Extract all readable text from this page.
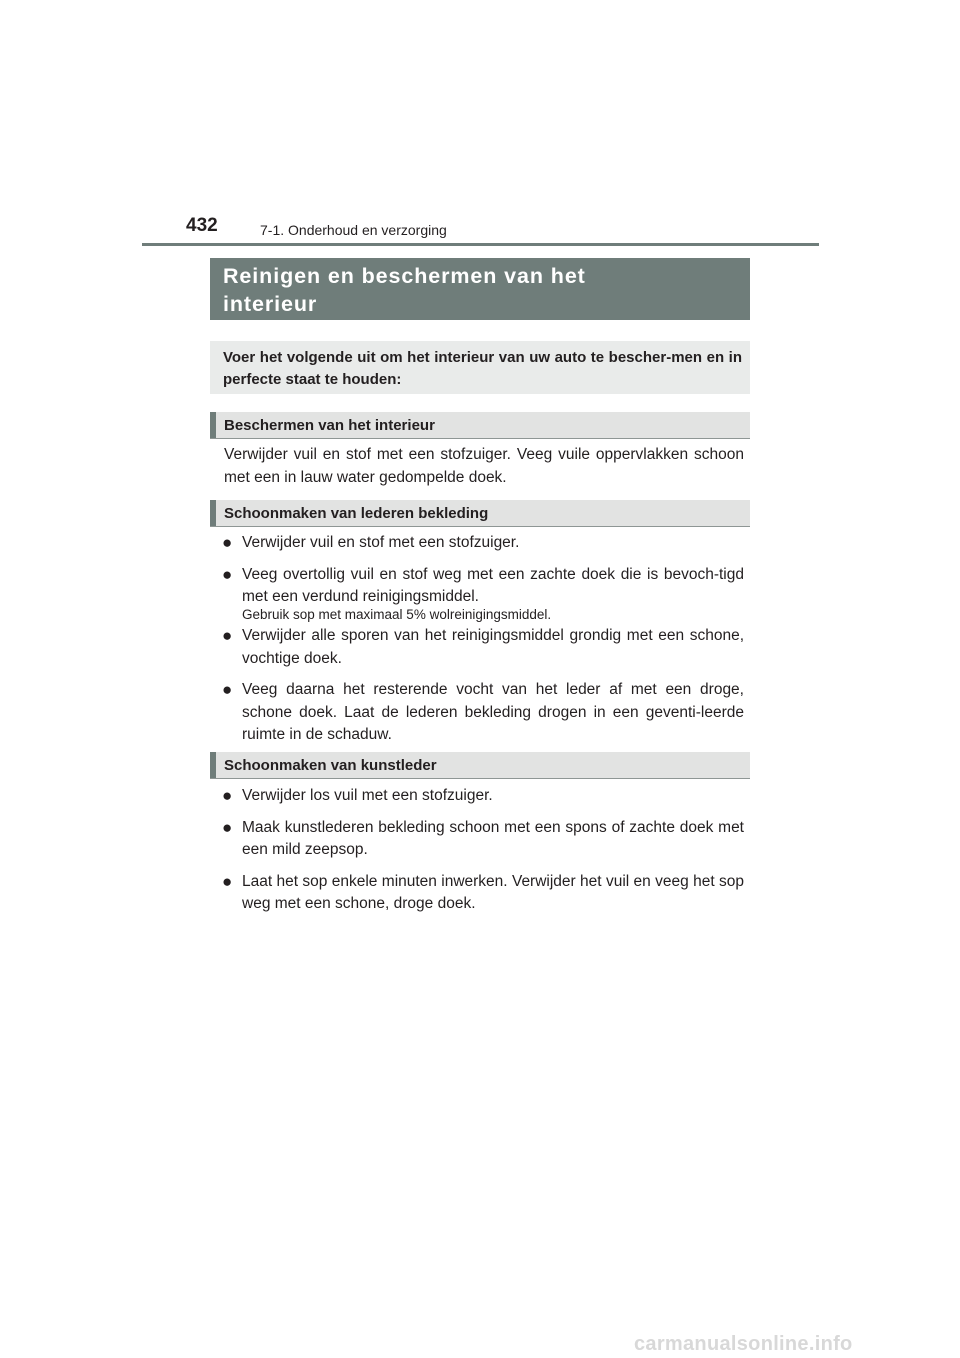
432	7-1. Onderhoud en verzorging
Reinigen en beschermen van het
interieur

Voer het volgende uit om het interieur van uw auto te bescher-men en in perfecte staat te houden:

Beschermen van het interieur

Verwijder vuil en stof met een stofzuiger. Veeg vuile oppervlakken schoon met een in lauw water gedompelde doek.

Schoonmaken van lederen bekleding
● Verwijder vuil en stof met een stofzuiger.
● Veeg overtollig vuil en stof weg met een zachte doek die is bevoch-tigd met een verdund reinigingsmiddel.

Gebruik sop met maximaal 5% wolreinigingsmiddel.

● Verwijder alle sporen van het reinigingsmiddel grondig met een schone, vochtige doek.
● Veeg daarna het resterende vocht van het leder af met een droge, schone doek. Laat de lederen bekleding drogen in een geventi-leerde ruimte in de schaduw.
Schoonmaken van kunstleder
● Verwijder los vuil met een stofzuiger.
● Maak kunstlederen bekleding schoon met een spons of zachte doek met een mild zeepsop.
● Laat het sop enkele minuten inwerken. Verwijder het vuil en veeg het sop weg met een schone, droge doek.
carmanualsonline.info
